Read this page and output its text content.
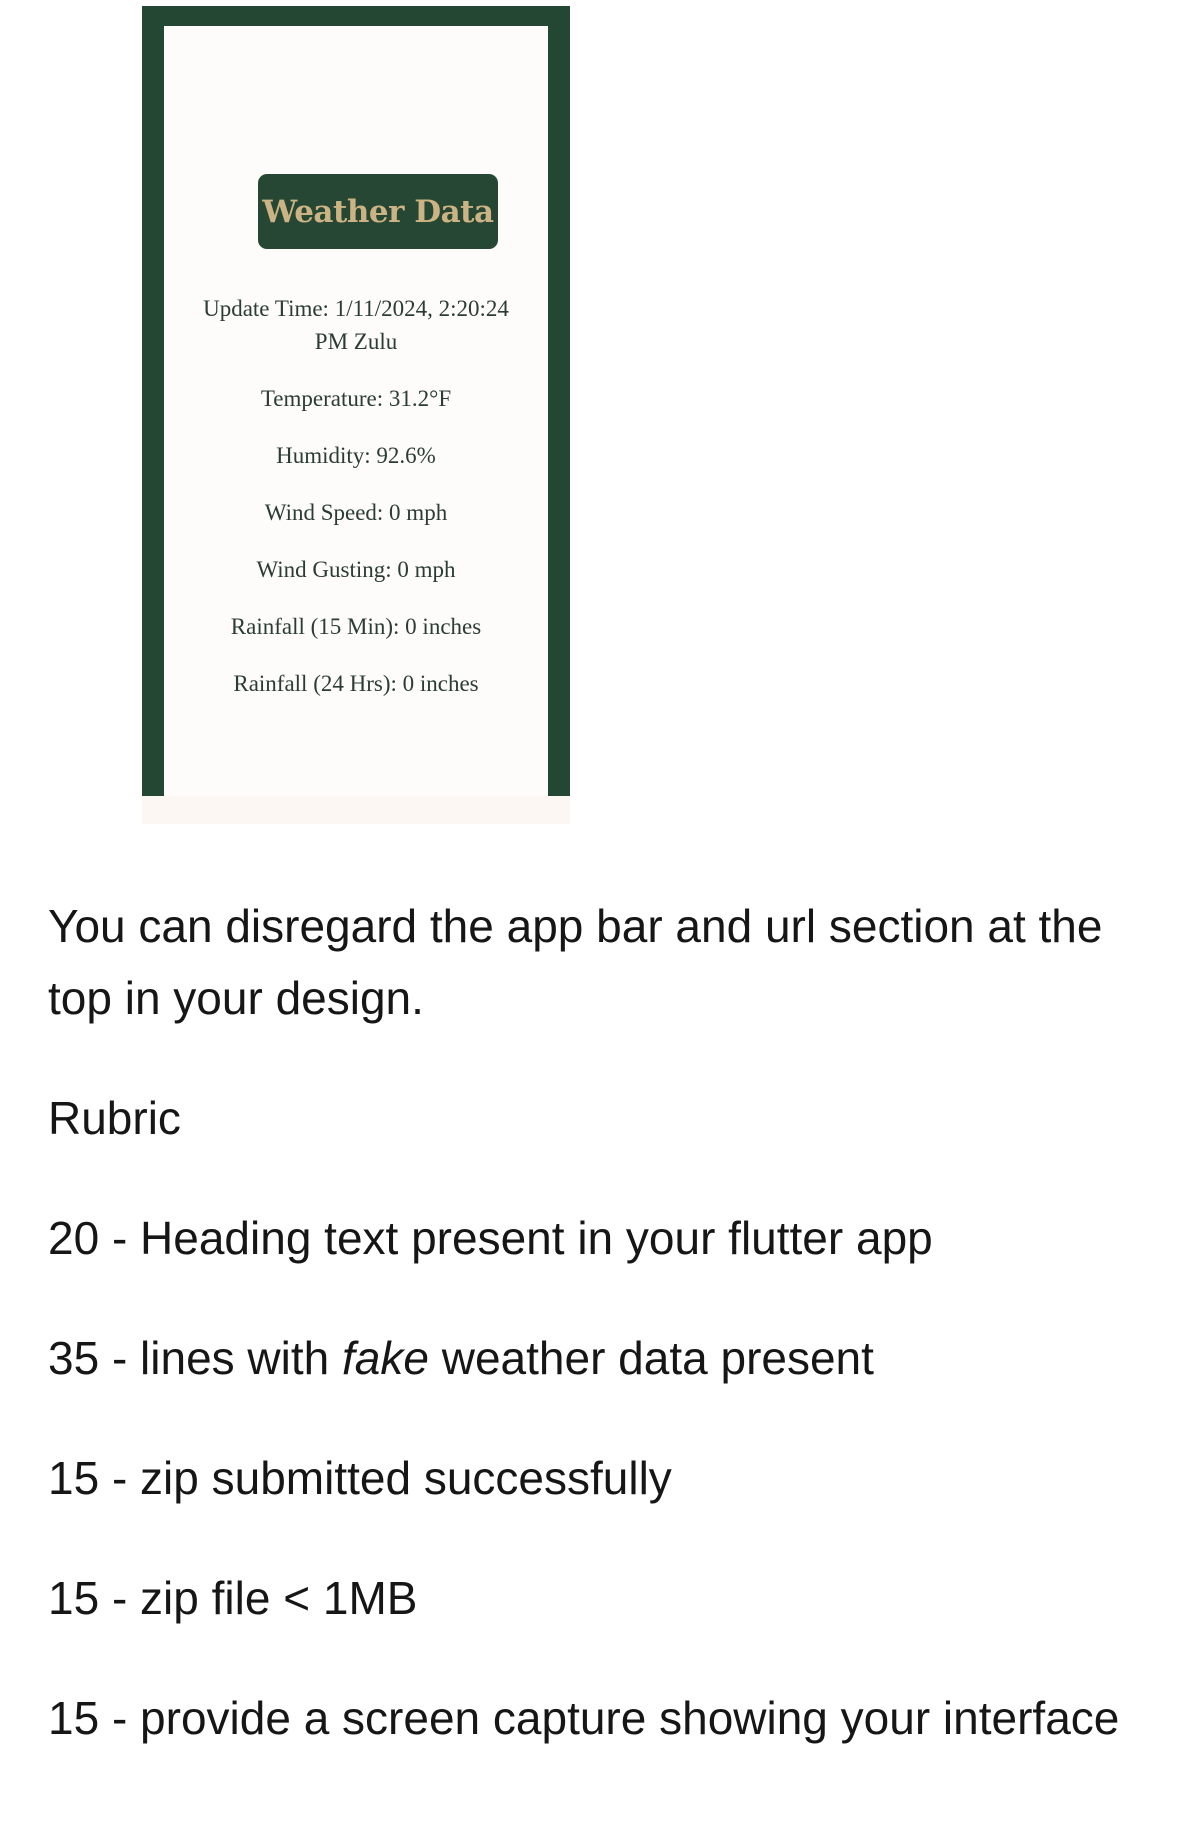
Weather Data
Update Time: 1/11/2024, 2:20:24 PM Zulu
Temperature: 31.2°F
Humidity: 92.6%
Wind Speed: 0 mph
Wind Gusting: 0 mph
Rainfall (15 Min): 0 inches
Rainfall (24 Hrs): 0 inches

You can disregard the app bar and url section at the top in your design.

Rubric

20 - Heading text present in your flutter app

35 - lines with fake weather data present

15 - zip submitted successfully

15 - zip file < 1MB

15 - provide a screen capture showing your interface
